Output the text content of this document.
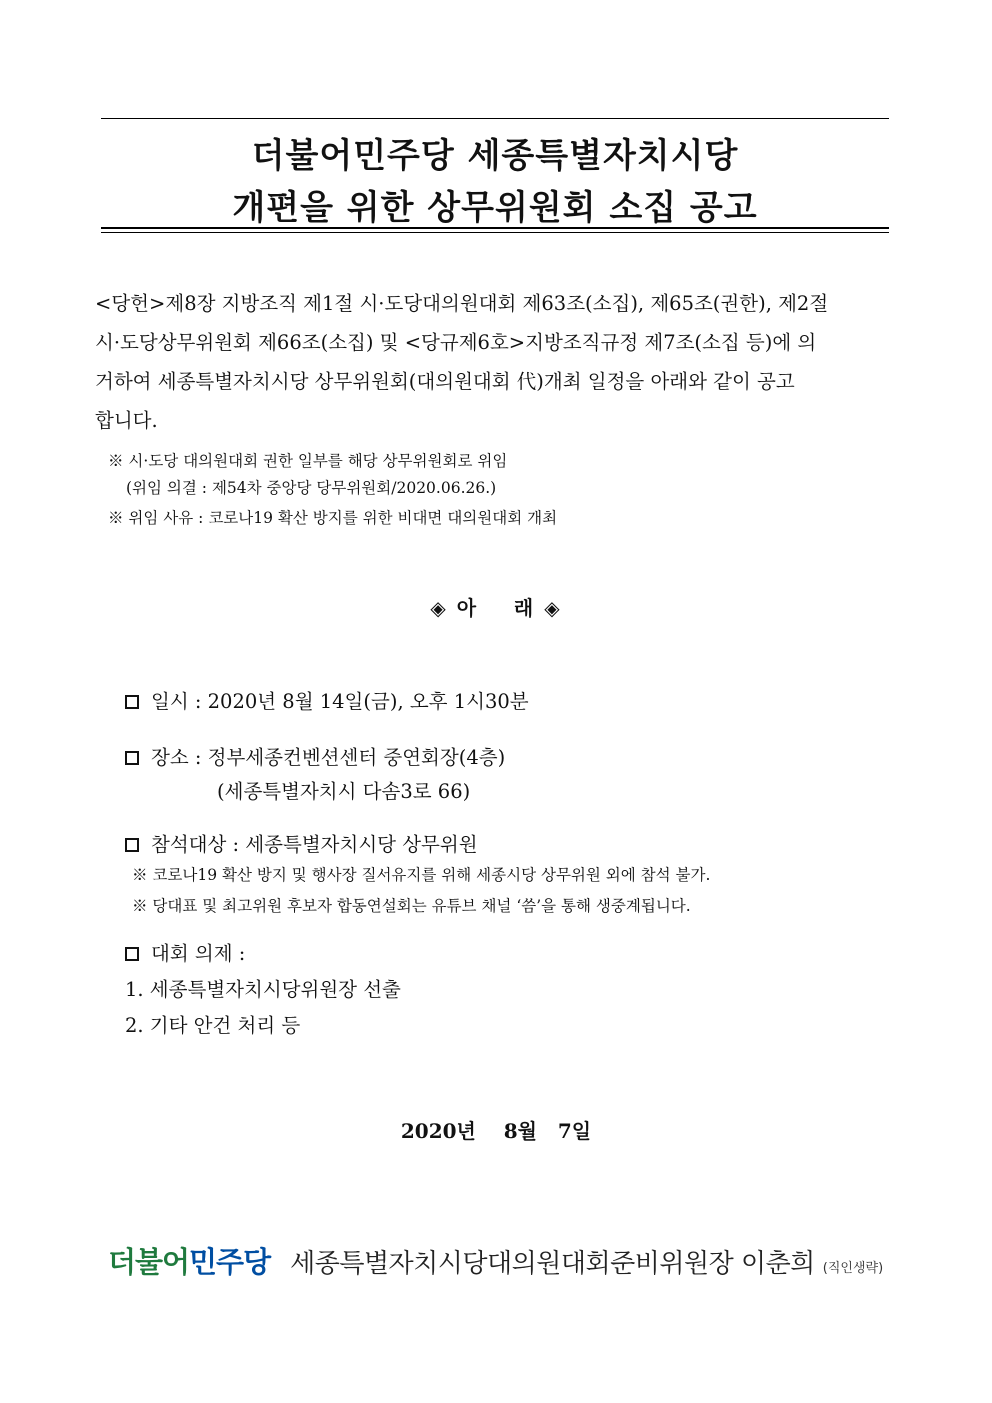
더불어민주당 세종특별자치시당
개편을 위한 상무위원회 소집 공고

<당헌>제8장 지방조직 제1절 시·도당대의원대회 제63조(소집), 제65조(권한), 제2절

시·도당상무위원회 제66조(소집) 및 <당규제6호>지방조직규정 제7조(소집 등)에 의

거하여 세종특별자치시당 상무위원회(대의원대회 代)개최 일정을 아래와 같이 공고

합니다.

※ 시·도당 대의원대회 권한 일부를 해당 상무위원회로 위임
(위임 의결 : 제54차 중앙당 당무위원회/2020.06.26.)
※ 위임 사유 : 코로나19 확산 방지를 위한 비대면 대의원대회 개최
◈ 아    래 ◈
일시 : 2020년 8월 14일(금), 오후 1시30분
장소 : 정부세종컨벤션센터 중연회장(4층)
(세종특별자치시 다솜3로 66)
참석대상 : 세종특별자치시당 상무위원
※ 코로나19 확산 방지 및 행사장 질서유지를 위해 세종시당 상무위원 외에 참석 불가.
※ 당대표 및 최고위원 후보자 합동연설회는 유튜브 채널 ‘씀’을 통해 생중계됩니다.
대회 의제 :
1. 세종특별자치시당위원장 선출
2. 기타 안건 처리 등
2020년    8월   7일
더불어민주당 세종특별자치시당대의원대회준비위원장 이춘희 (직인생략)
